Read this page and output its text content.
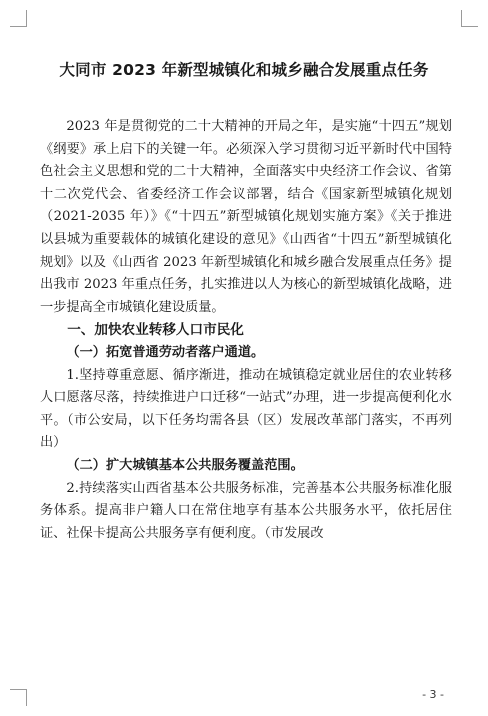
大同市 2023 年新型城镇化和城乡融合发展重点任务

2023 年是贯彻党的二十大精神的开局之年，是实施“十四五”规划《纲要》承上启下的关键一年。必须深入学习贯彻习近平新时代中国特色社会主义思想和党的二十大精神，全面落实中央经济工作会议、省第十二次党代会、省委经济工作会议部署，结合《国家新型城镇化规划（2021-2035 年）》《“十四五”新型城镇化规划实施方案》《关于推进以县城为重要载体的城镇化建设的意见》《山西省“十四五”新型城镇化规划》以及《山西省 2023 年新型城镇化和城乡融合发展重点任务》提出我市 2023 年重点任务，扎实推进以人为核心的新型城镇化战略，进一步提高全市城镇化建设质量。

一、加快农业转移人口市民化

（一）拓宽普通劳动者落户通道。

1.坚持尊重意愿、循序渐进，推动在城镇稳定就业居住的农业转移人口愿落尽落，持续推进户口迁移“一站式”办理，进一步提高便利化水平。（市公安局，以下任务均需各县（区）发展改革部门落实，不再列出）

（二）扩大城镇基本公共服务覆盖范围。

2.持续落实山西省基本公共服务标准，完善基本公共服务标准化服务体系。提高非户籍人口在常住地享有基本公共服务水平，依托居住证、社保卡提高公共服务享有便利度。（市发展改

- 3 -
